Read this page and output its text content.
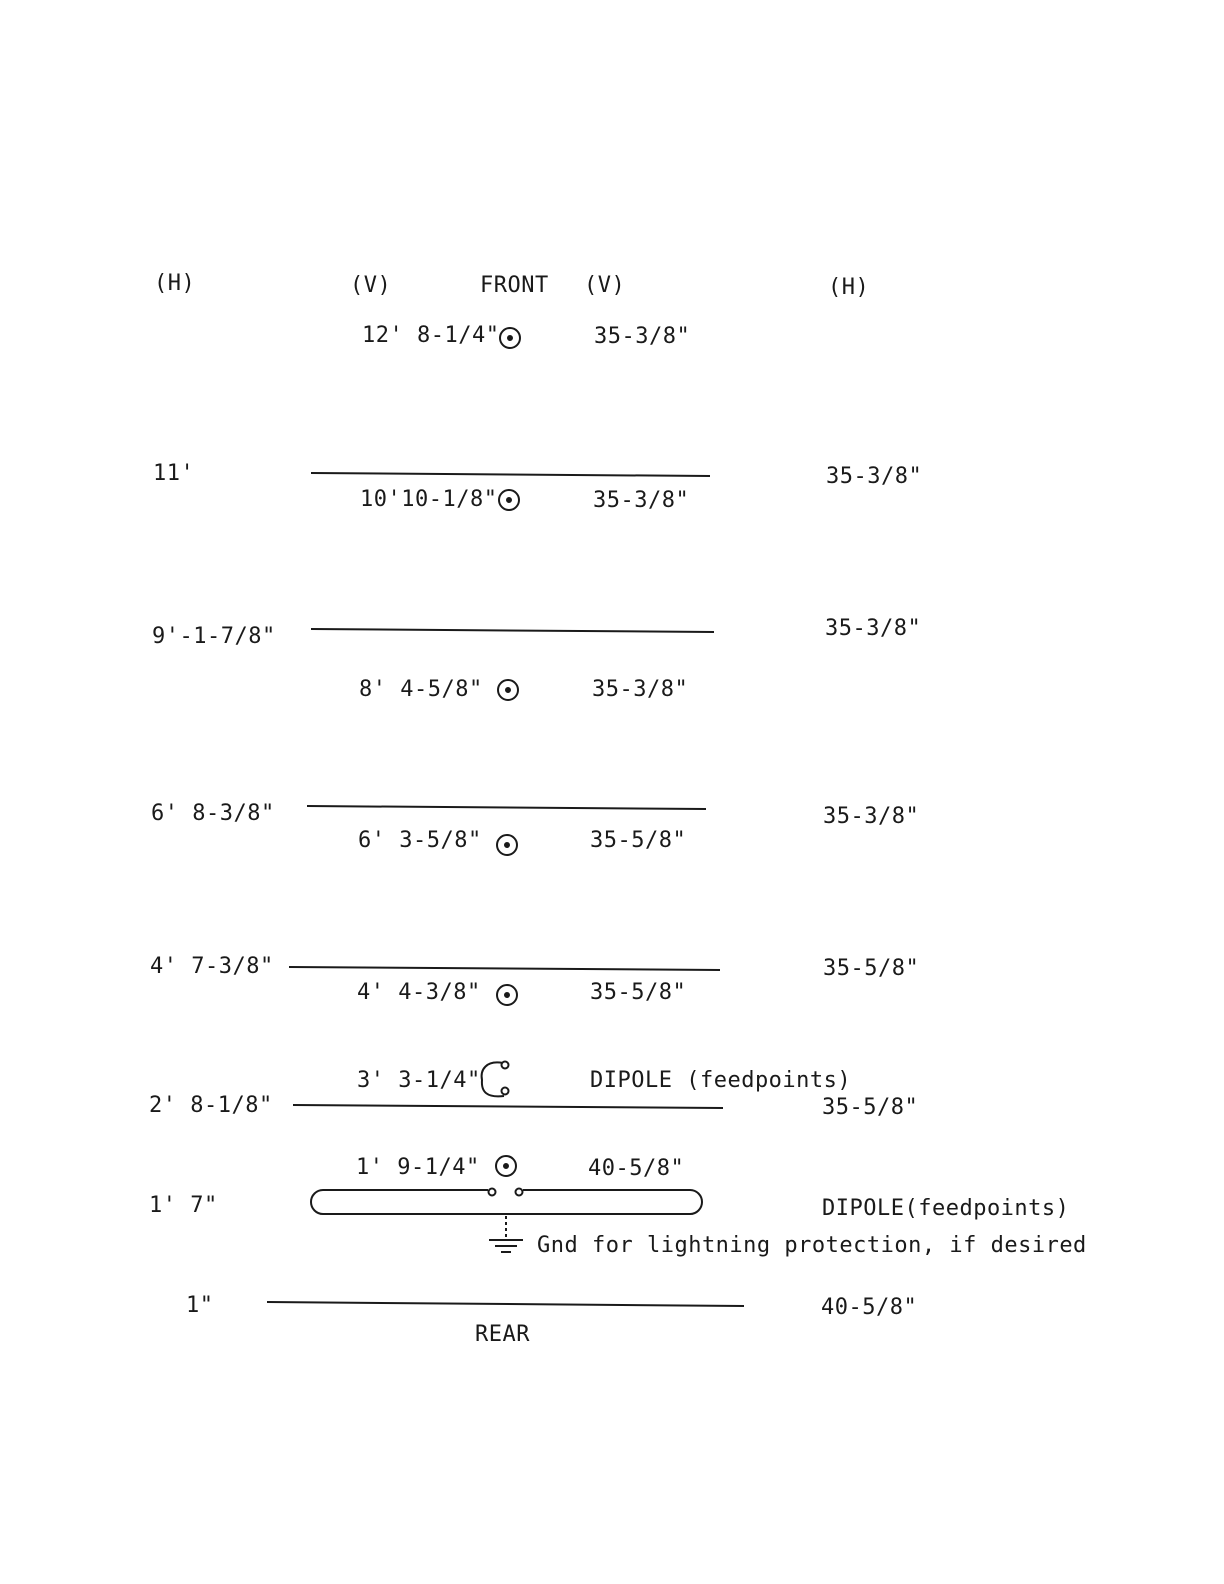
(H)	(V)	FRONT (V)	(H)
12' 8-1/4"	35-3/8"
10'10-1/8"	35-3/8"
8' 4-5/8"	35-3/8"
6' 3-5/8"	35-5/8"
4' 4-3/8"	35-5/8"
3' 3-1/4"	DIPOLE (feedpoints)
1' 9-1/4"	40-5/8"
11'	35-3/8"
9'-1-7/8"	35-3/8"
6' 8-3/8"	35-3/8"
4' 7-3/8"	35-5/8"
2' 8-1/8"	35-5/8"
1' 7"	DIPOLE(feedpoints)
1"	40-5/8"
Gnd for lightning protection, if desired
REAR
